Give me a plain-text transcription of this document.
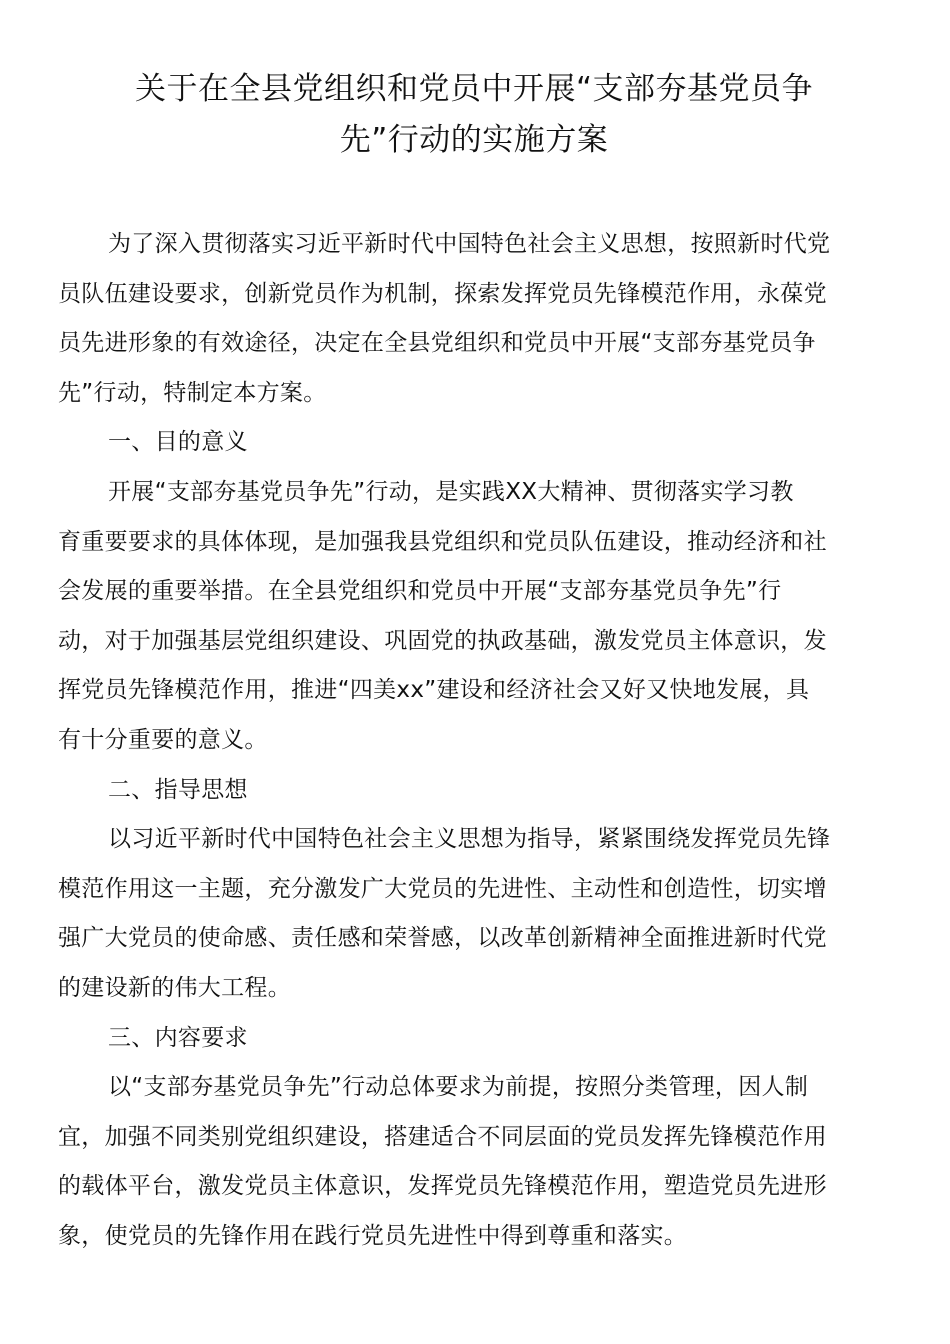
关于在全县党组织和党员中开展“支部夯基党员争
先”行动的实施方案

为了深入贯彻落实习近平新时代中国特色社会主义思想，按照新时代党
员队伍建设要求，创新党员作为机制，探索发挥党员先锋模范作用，永葆党
员先进形象的有效途径，决定在全县党组织和党员中开展“支部夯基党员争
先”行动，特制定本方案。

一、目的意义

开展“支部夯基党员争先”行动，是实践XX大精神、贯彻落实学习教
育重要要求的具体体现，是加强我县党组织和党员队伍建设，推动经济和社
会发展的重要举措。在全县党组织和党员中开展“支部夯基党员争先”行
动，对于加强基层党组织建设、巩固党的执政基础，激发党员主体意识，发
挥党员先锋模范作用，推进“四美xx”建设和经济社会又好又快地发展，具
有十分重要的意义。

二、指导思想

以习近平新时代中国特色社会主义思想为指导，紧紧围绕发挥党员先锋
模范作用这一主题，充分激发广大党员的先进性、主动性和创造性，切实增
强广大党员的使命感、责任感和荣誉感，以改革创新精神全面推进新时代党
的建设新的伟大工程。

三、内容要求

以“支部夯基党员争先”行动总体要求为前提，按照分类管理，因人制
宜，加强不同类别党组织建设，搭建适合不同层面的党员发挥先锋模范作用
的载体平台，激发党员主体意识，发挥党员先锋模范作用，塑造党员先进形
象，使党员的先锋作用在践行党员先进性中得到尊重和落实。
